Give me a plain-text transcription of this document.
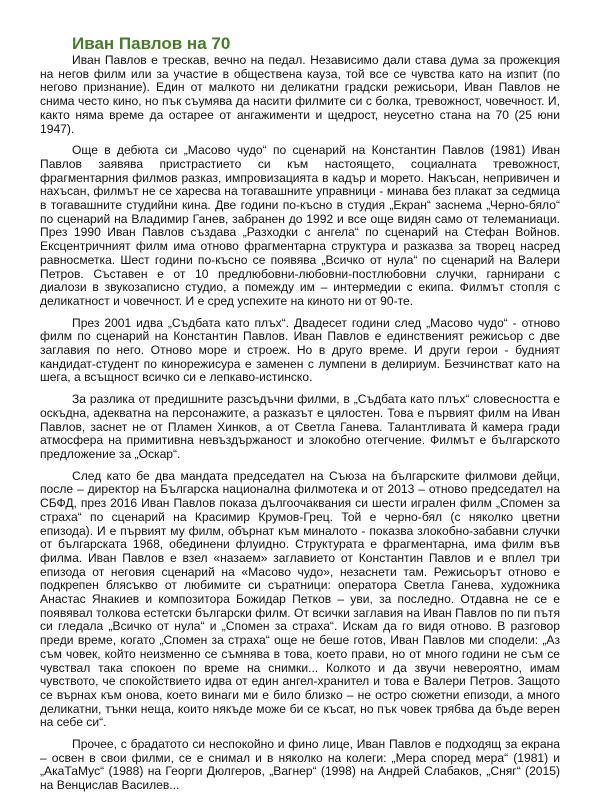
Иван Павлов на 70

Иван Павлов е трескав, вечно на педал. Независимо дали става дума за прожекция на негов филм или за участие в обществена кауза, той все се чувства като на изпит (по негово признание). Един от малкото ни деликатни градски режисьори, Иван Павлов не снима често кино, но пък съумява да насити филмите си с болка, тревожност, човечност. И, както няма време да остарее от ангажименти и щедрост, неусетно стана на 70 (25 юни 1947).

Още в дебюта си „Масово чудо“ по сценарий на Константин Павлов (1981) Иван Павлов заявява пристрастието си към настоящето, социалната тревожност, фрагментарния филмов разказ, импровизацията в кадър и морето. Накъсан, непривичен и нахъсан, филмът не се харесва на тогавашните управници - минава без плакат за седмица в тогавашните студийни кина. Две години по-късно в студия „Екран“ заснема „Черно-бяло“ по сценарий на Владимир Ганев, забранен до 1992 и все още видян само от телеманиаци. През 1990 Иван Павлов създава „Разходки с ангела“ по сценарий на Стефан Войнов. Ексцентричният филм има отново фрагментарна структура и разказва за творец насред равносметка. Шест години по-късно се появява „Всичко от нула“ по сценарий на Валери Петров. Съставен е от 10 предлюбовни-любовни-постлюбовни случки, гарнирани с диалози в звукозаписно студио, а помежду им – интермедии с екипа. Филмът стопля с деликатност и човечност. И е сред успехите на киното ни от 90-те.

През 2001 идва „Съдбата като плъх“. Двадесет години след „Масово чудо“ - отново филм по сценарий на Константин Павлов. Иван Павлов е единственият режисьор с две заглавия по него. Отново море и строеж. Но в друго време. И други герои - будният кандидат-студент по кинорежисура е заменен с лумпени в делириум. Безчинстват като на шега, а всъщност всичко си е лепкаво-истинско.

За разлика от предишните разсъдъчни филми, в „Съдбата като плъх“ словесността е оскъдна, адекватна на персонажите, а разказът е цялостен. Това е първият филм на Иван Павлов, заснет не от Пламен Хинков, а от Светла Ганева. Талантливата й камера гради атмосфера на примитивна невъздържаност и злокобно отегчение. Филмът е българското предложение за „Оскар“.

След като бе два мандата председател на Съюза на българските филмови дейци, после – директор на Българска национална филмотека и от 2013 – отново председател на СБФД, през 2016 Иван Павлов показа дългоочаквания си шести игрален филм „Спомен за страха“ по сценарий на Красимир Крумов-Грец. Той е черно-бял (с няколко цветни епизода). И е първият му филм, обърнат към миналото - показва злокобно-забавни случки от българската 1968, обединени флуидно. Структурата е фрагментарна, има филм във филма. Иван Павлов е взел «назаем» заглавието от Константин Павлов и е вплел три епизода от неговия сценарий на «Масово чудо», незаснети там. Режисьорът отново е подкрепен блясъкво от любимите си съратници: оператора Светла Ганева, художника Анастас Янакиев и композитора Божидар Петков – уви, за последно. Отдавна не се е появявал толкова естетски български филм. От всички заглавия на Иван Павлов по пи пътя си гледала „Всичко от нула“ и „Спомен за страха“. Искам да го видя отново. В разговор преди време, когато „Спомен за страха“ още не беше готов, Иван Павлов ми сподели: „Аз съм човек, който неизменно се съмнява в това, което прави, но от много години не съм се чувствал така спокоен по време на снимки... Колкото и да звучи невероятно, имам чувството, че спокойствието идва от един ангел-хранител и това е Валери Петров. Защото се върнах към онова, което винаги ми е било близко – не остро сюжетни епизоди, а много деликатни, тънки неща, които някъде може би се късат, но пък човек трябва да бъде верен на себе си“.

Прочее, с брадатото си неспокойно и фино лице, Иван Павлов е подходящ за екрана – освен в свои филми, се е снимал и в няколко на колеги: „Мера според мера“ (1981) и „АкаТаМус“ (1988) на Георги Дюлгеров, „Вагнер“ (1998) на Андрей Слабаков, „Сняг“ (2015) на Венцислав Василев...
